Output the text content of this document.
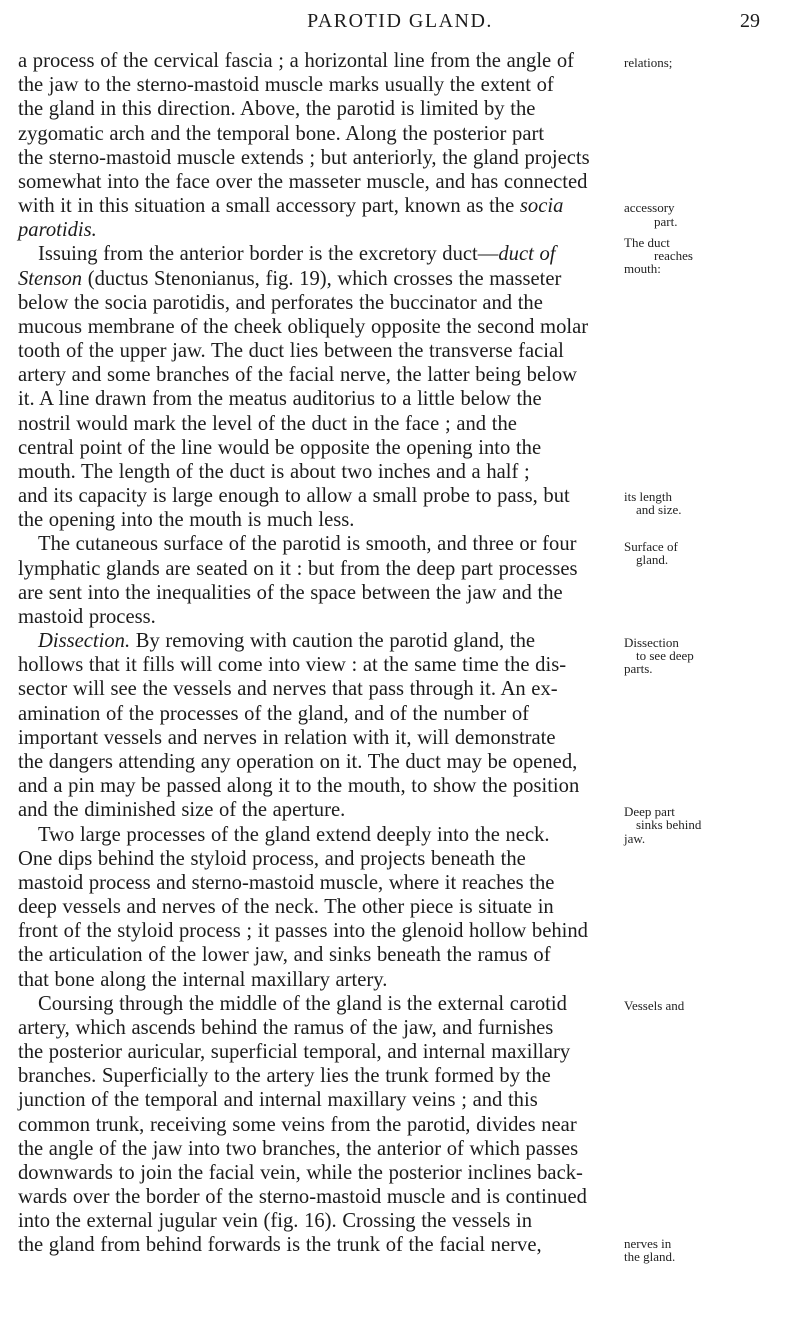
PAROTID GLAND.	29
a process of the cervical fascia ; a horizontal line from the angle of
the jaw to the sterno-mastoid muscle marks usually the extent of
the gland in this direction. Above, the parotid is limited by the
zygomatic arch and the temporal bone. Along the posterior part
the sterno-mastoid muscle extends ; but anteriorly, the gland projects
somewhat into the face over the masseter muscle, and has connected
with it in this situation a small accessory part, known as the socia
parotidis.
Issuing from the anterior border is the excretory duct—duct of
Stenson (ductus Stenonianus, fig. 19), which crosses the masseter
below the socia parotidis, and perforates the buccinator and the
mucous membrane of the cheek obliquely opposite the second molar
tooth of the upper jaw. The duct lies between the transverse facial
artery and some branches of the facial nerve, the latter being below
it. A line drawn from the meatus auditorius to a little below the
nostril would mark the level of the duct in the face ; and the
central point of the line would be opposite the opening into the
mouth. The length of the duct is about two inches and a half ;
and its capacity is large enough to allow a small probe to pass, but
the opening into the mouth is much less.
The cutaneous surface of the parotid is smooth, and three or four
lymphatic glands are seated on it : but from the deep part processes
are sent into the inequalities of the space between the jaw and the
mastoid process.
Dissection. By removing with caution the parotid gland, the
hollows that it fills will come into view : at the same time the dis-
sector will see the vessels and nerves that pass through it. An ex-
amination of the processes of the gland, and of the number of
important vessels and nerves in relation with it, will demonstrate
the dangers attending any operation on it. The duct may be opened,
and a pin may be passed along it to the mouth, to show the position
and the diminished size of the aperture.
Two large processes of the gland extend deeply into the neck.
One dips behind the styloid process, and projects beneath the
mastoid process and sterno-mastoid muscle, where it reaches the
deep vessels and nerves of the neck. The other piece is situate in
front of the styloid process ; it passes into the glenoid hollow behind
the articulation of the lower jaw, and sinks beneath the ramus of
that bone along the internal maxillary artery.
Coursing through the middle of the gland is the external carotid
artery, which ascends behind the ramus of the jaw, and furnishes
the posterior auricular, superficial temporal, and internal maxillary
branches. Superficially to the artery lies the trunk formed by the
junction of the temporal and internal maxillary veins ; and this
common trunk, receiving some veins from the parotid, divides near
the angle of the jaw into two branches, the anterior of which passes
downwards to join the facial vein, while the posterior inclines back-
wards over the border of the sterno-mastoid muscle and is continued
into the external jugular vein (fig. 16). Crossing the vessels in
the gland from behind forwards is the trunk of the facial nerve,
relations;
accessory
part.
The duct
reaches
mouth:
its length
and size.
Surface of
gland.
Dissection
to see deep
parts.
Deep part
sinks behind
jaw.
Vessels and
nerves in
the gland.
